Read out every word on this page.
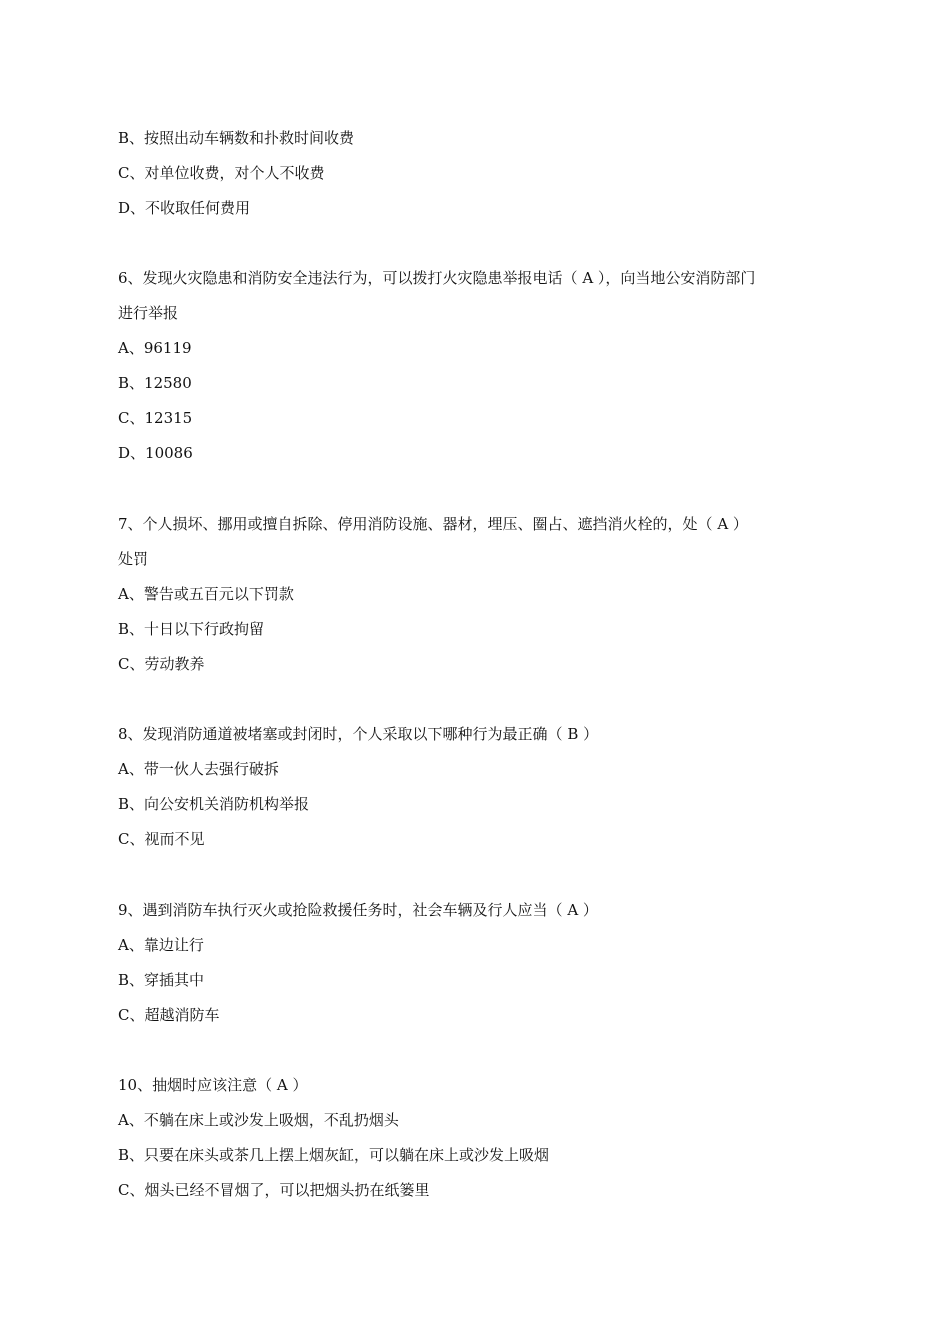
B、按照出动车辆数和扑救时间收费
C、对单位收费，对个人不收费
D、不收取任何费用
6、发现火灾隐患和消防安全违法行为，可以拨打火灾隐患举报电话（ A ），向当地公安消防部门
进行举报
A、96119
B、12580
C、12315
D、10086
7、个人损坏、挪用或擅自拆除、停用消防设施、器材，埋压、圈占、遮挡消火栓的，处（ A ）
处罚
A、警告或五百元以下罚款
B、十日以下行政拘留
C、劳动教养
8、发现消防通道被堵塞或封闭时，个人采取以下哪种行为最正确（ B ）
A、带一伙人去强行破拆
B、向公安机关消防机构举报
C、视而不见
9、遇到消防车执行灭火或抢险救援任务时，社会车辆及行人应当（ A ）
A、靠边让行
B、穿插其中
C、超越消防车
10、抽烟时应该注意（ A ）
A、不躺在床上或沙发上吸烟，不乱扔烟头
B、只要在床头或茶几上摆上烟灰缸，可以躺在床上或沙发上吸烟
C、烟头已经不冒烟了，可以把烟头扔在纸篓里
